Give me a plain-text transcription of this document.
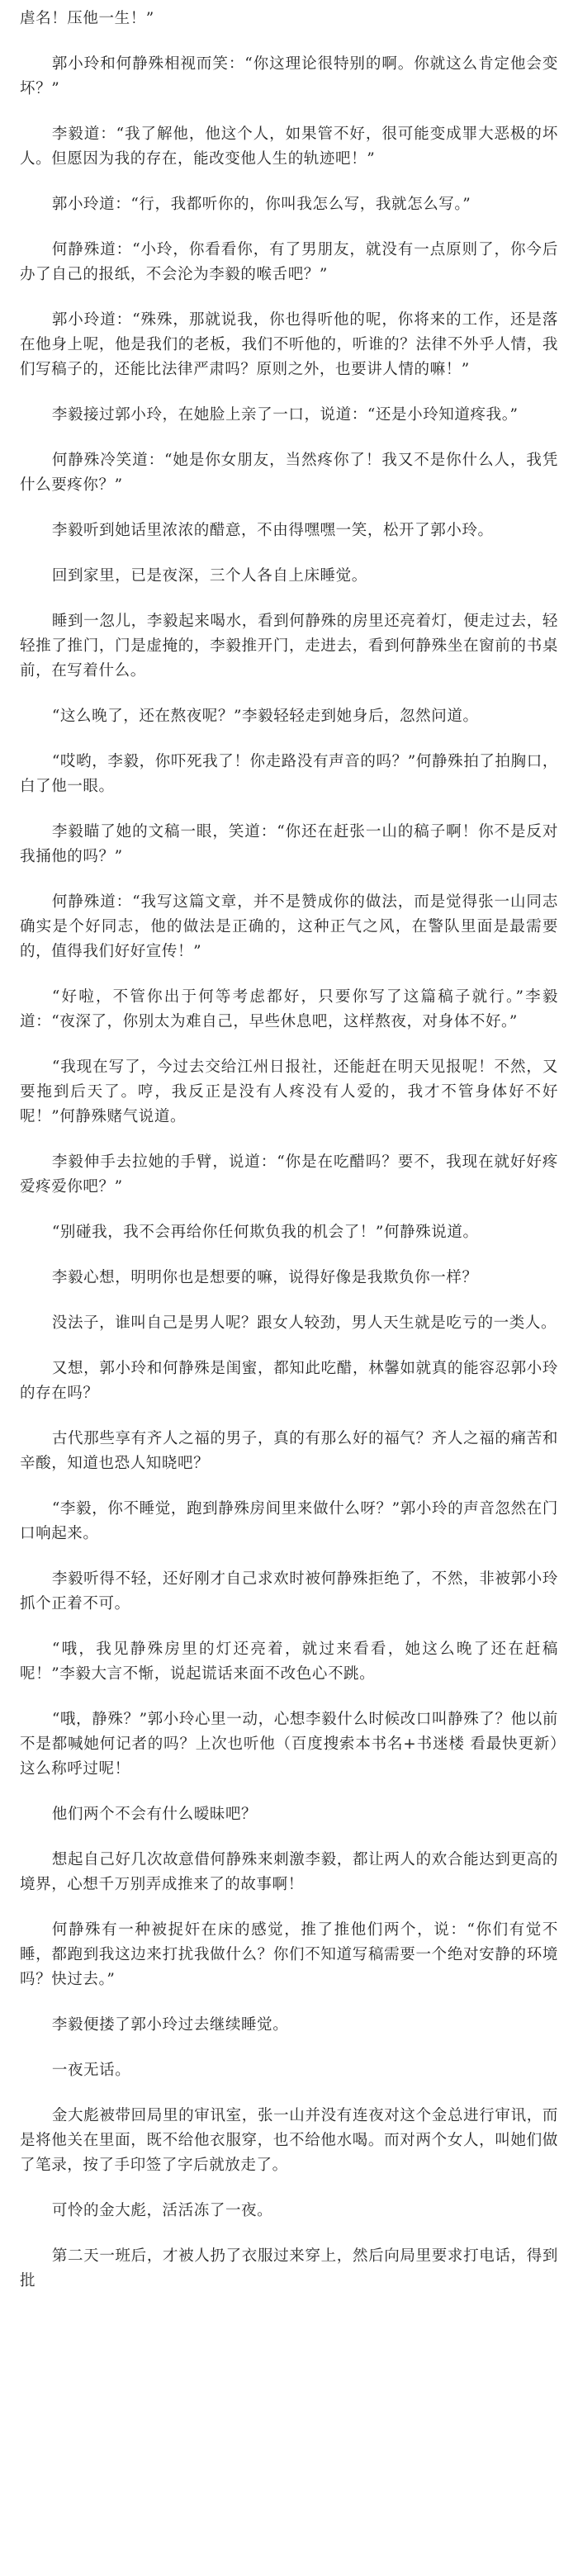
虐名！压他一生！”

郭小玲和何静殊相视而笑：“你这理论很特别的啊。你就这么肯定他会变坏？”

李毅道：“我了解他，他这个人，如果管不好，很可能变成罪大恶极的坏人。但愿因为我的存在，能改变他人生的轨迹吧！”

郭小玲道：“行，我都听你的，你叫我怎么写，我就怎么写。”

何静殊道：“小玲，你看看你，有了男朋友，就没有一点原则了，你今后办了自己的报纸，不会沦为李毅的喉舌吧？”

郭小玲道：“殊殊，那就说我，你也得听他的呢，你将来的工作，还是落在他身上呢，他是我们的老板，我们不听他的，听谁的？法律不外乎人情，我们写稿子的，还能比法律严肃吗？原则之外，也要讲人情的嘛！”

李毅接过郭小玲，在她脸上亲了一口，说道：“还是小玲知道疼我。”

何静殊冷笑道：“她是你女朋友，当然疼你了！我又不是你什么人，我凭什么要疼你？”

李毅听到她话里浓浓的醋意，不由得嘿嘿一笑，松开了郭小玲。

回到家里，已是夜深，三个人各自上床睡觉。

睡到一忽儿，李毅起来喝水，看到何静殊的房里还亮着灯，便走过去，轻轻推了推门，门是虚掩的，李毅推开门，走进去，看到何静殊坐在窗前的书桌前，在写着什么。

“这么晚了，还在熬夜呢？”李毅轻轻走到她身后，忽然问道。

“哎哟，李毅，你吓死我了！你走路没有声音的吗？”何静殊拍了拍胸口，白了他一眼。

李毅瞄了她的文稿一眼，笑道：“你还在赶张一山的稿子啊！你不是反对我捅他的吗？”

何静殊道：“我写这篇文章，并不是赞成你的做法，而是觉得张一山同志确实是个好同志，他的做法是正确的，这种正气之风，在警队里面是最需要的，值得我们好好宣传！”

“好啦，不管你出于何等考虑都好，只要你写了这篇稿子就行。”李毅道：“夜深了，你别太为难自己，早些休息吧，这样熬夜，对身体不好。”

“我现在写了，今过去交给江州日报社，还能赶在明天见报呢！不然，又要拖到后天了。哼，我反正是没有人疼没有人爱的，我才不管身体好不好呢！”何静殊赌气说道。

李毅伸手去拉她的手臂，说道：“你是在吃醋吗？要不，我现在就好好疼爱疼爱你吧？”

“别碰我，我不会再给你任何欺负我的机会了！”何静殊说道。

李毅心想，明明你也是想要的嘛，说得好像是我欺负你一样？

没法子，谁叫自己是男人呢？跟女人较劲，男人天生就是吃亏的一类人。

又想，郭小玲和何静殊是闺蜜，都知此吃醋，林馨如就真的能容忍郭小玲的存在吗？

古代那些享有齐人之福的男子，真的有那么好的福气？齐人之福的痛苦和辛酸，知道也恐人知晓吧？

“李毅，你不睡觉，跑到静殊房间里来做什么呀？”郭小玲的声音忽然在门口响起来。

李毅听得不轻，还好刚才自己求欢时被何静殊拒绝了，不然，非被郭小玲抓个正着不可。

“哦，我见静殊房里的灯还亮着，就过来看看，她这么晚了还在赶稿呢！”李毅大言不惭，说起谎话来面不改色心不跳。

“哦，静殊？”郭小玲心里一动，心想李毅什么时候改口叫静殊了？他以前不是都喊她何记者的吗？上次也听他（百度搜索本书名+书迷楼 看最快更新）这么称呼过呢！

他们两个不会有什么暧昧吧？

想起自己好几次故意借何静殊来刺激李毅，都让两人的欢合能达到更高的境界，心想千万别弄成推来了的故事啊！

何静殊有一种被捉奸在床的感觉，推了推他们两个，说：“你们有觉不睡，都跑到我这边来打扰我做什么？你们不知道写稿需要一个绝对安静的环境吗？快过去。”

李毅便搂了郭小玲过去继续睡觉。

一夜无话。

金大彪被带回局里的审讯室，张一山并没有连夜对这个金总进行审讯，而是将他关在里面，既不给他衣服穿，也不给他水喝。而对两个女人，叫她们做了笔录，按了手印签了字后就放走了。

可怜的金大彪，活活冻了一夜。

第二天一班后，才被人扔了衣服过来穿上，然后向局里要求打电话，得到批
